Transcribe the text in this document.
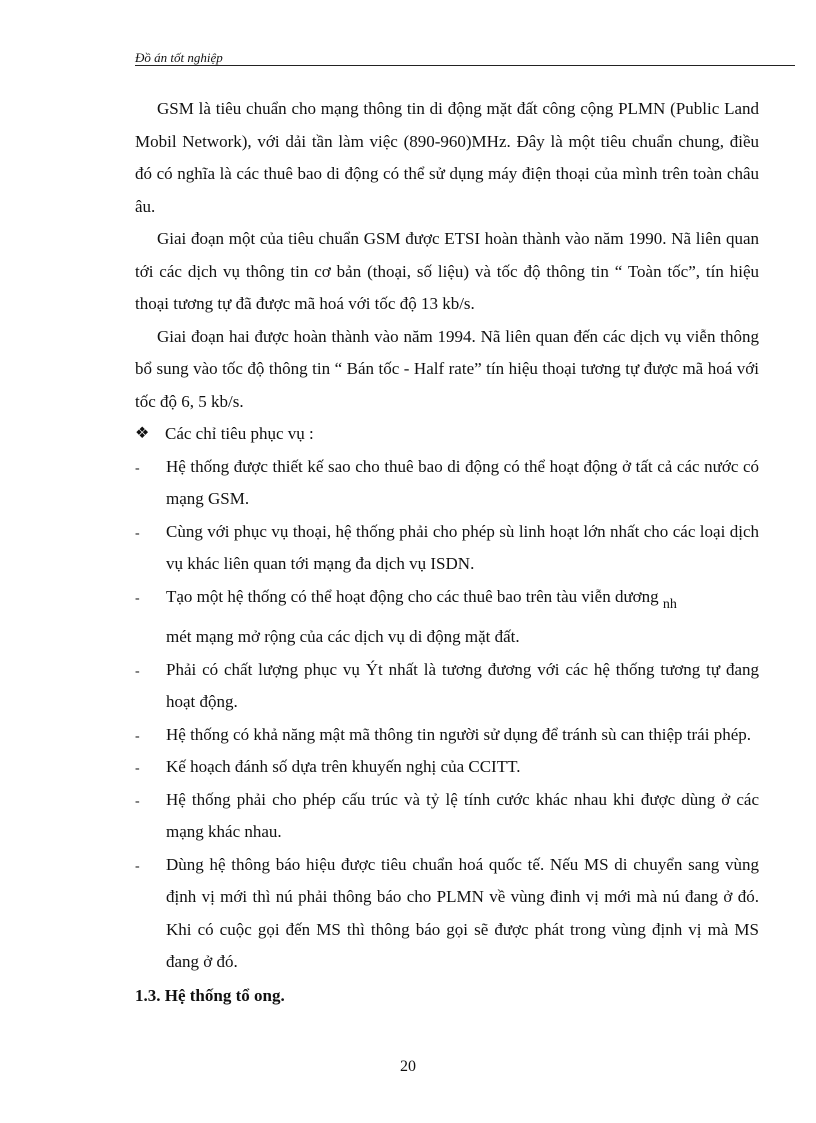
Đồ án tốt nghiệp

GSM là tiêu chuẩn cho mạng thông tin di động mặt đất công cộng PLMN (Public Land Mobil Network), với dải tần làm việc (890-960)MHz. Đây là một tiêu chuẩn chung, điều đó có nghĩa là các thuê bao di động có thể sử dụng máy điện thoại của mình trên toàn châu âu.

Giai đoạn một của tiêu chuẩn GSM được ETSI hoàn thành vào năm 1990. Nã liên quan tới các dịch vụ thông tin cơ bản (thoại, số liệu) và tốc độ thông tin “ Toàn tốc”, tín hiệu thoại tương tự đã được mã hoá với tốc độ 13 kb/s.

Giai đoạn hai được hoàn thành vào năm 1994. Nã liên quan đến các dịch vụ viễn thông bổ sung vào tốc độ thông tin “ Bán tốc - Half rate” tín hiệu thoại tương tự được mã hoá với tốc độ 6, 5 kb/s.

❖ Các chỉ tiêu phục vụ :

- Hệ thống được thiết kế sao cho thuê bao di động có thể hoạt động ở tất cả các nước có mạng GSM.

- Cùng với phục vụ thoại, hệ thống phải cho phép sù linh hoạt lớn nhất cho các loại dịch vụ khác liên quan tới mạng đa dịch vụ ISDN.

- Tạo một hệ thống có thể hoạt động cho các thuê bao trên tàu viễn dương $_{nh}$
mét mạng mở rộng của các dịch vụ di động mặt đất.

- Phải có chất lượng phục vụ Ýt nhất là tương đương với các hệ thống tương tự đang hoạt động.

- Hệ thống có khả năng mật mã thông tin người sử dụng để tránh sù can thiệp trái phép.

- Kế hoạch đánh số dựa trên khuyến nghị của CCITT.

- Hệ thống phải cho phép cấu trúc và tỷ lệ tính cước khác nhau khi được dùng ở các mạng khác nhau.

- Dùng hệ thông báo hiệu được tiêu chuẩn hoá quốc tế. Nếu MS di chuyển sang vùng định vị mới thì nú phải thông báo cho PLMN về vùng đinh vị mới mà nú đang ở đó. Khi có cuộc gọi đến MS thì thông báo gọi sẽ được phát trong vùng định vị mà MS đang ở đó.

1.3. Hệ thống tổ ong.

20
